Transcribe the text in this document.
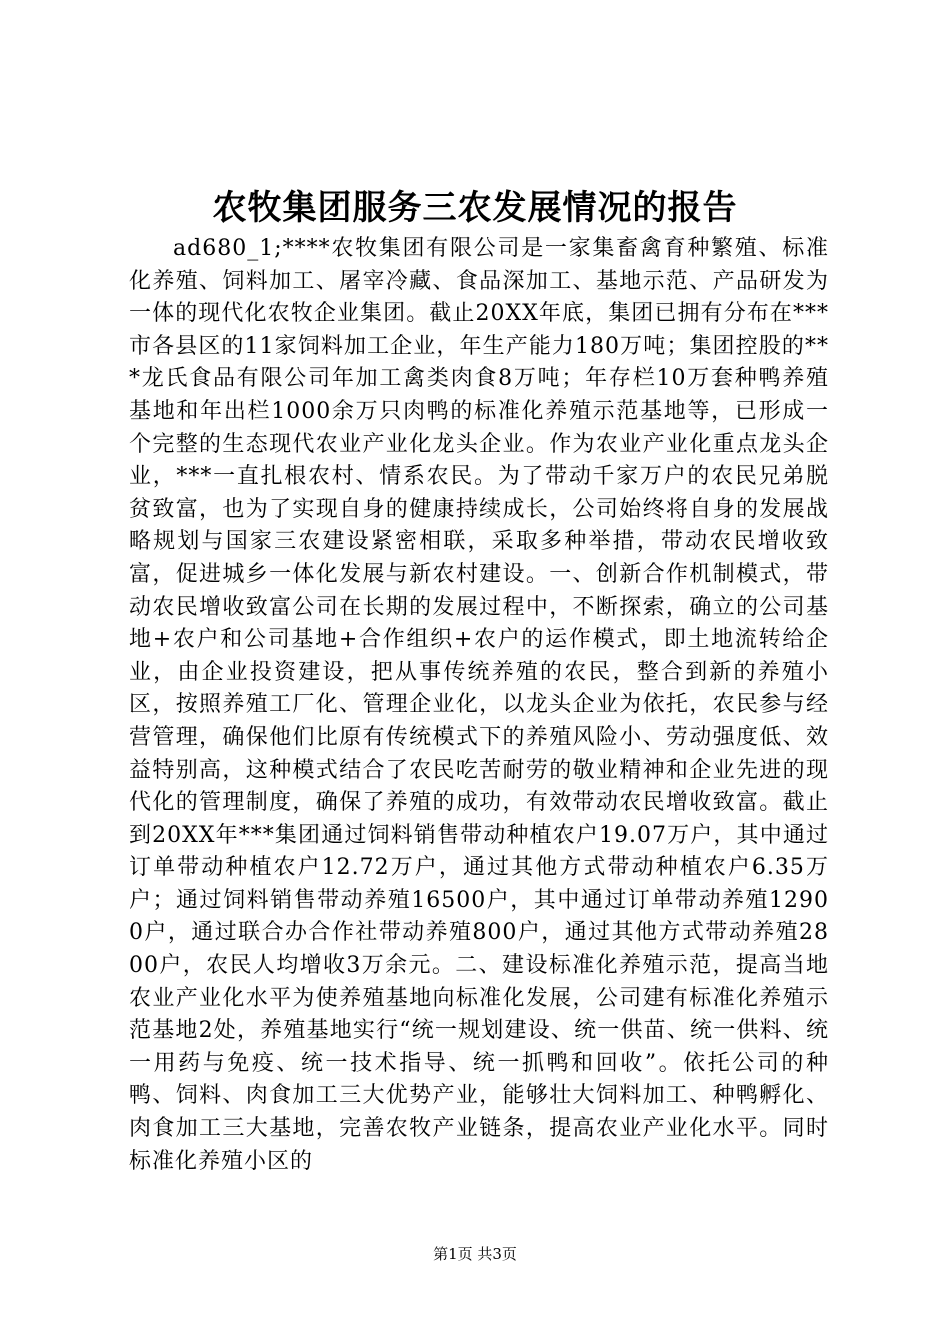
农牧集团服务三农发展情况的报告

ad680_1;****农牧集团有限公司是一家集畜禽育种繁殖、标准化养殖、饲料加工、屠宰冷藏、食品深加工、基地示范、产品研发为一体的现代化农牧企业集团。截止20XX年底，集团已拥有分布在***市各县区的11家饲料加工企业，年生产能力180万吨；集团控股的***龙氏食品有限公司年加工禽类肉食8万吨；年存栏10万套种鸭养殖基地和年出栏1000余万只肉鸭的标准化养殖示范基地等，已形成一个完整的生态现代农业产业化龙头企业。作为农业产业化重点龙头企业，***一直扎根农村、情系农民。为了带动千家万户的农民兄弟脱贫致富，也为了实现自身的健康持续成长，公司始终将自身的发展战略规划与国家三农建设紧密相联，采取多种举措，带动农民增收致富，促进城乡一体化发展与新农村建设。一、创新合作机制模式，带动农民增收致富公司在长期的发展过程中，不断探索，确立的公司基地+农户和公司基地+合作组织+农户的运作模式，即土地流转给企业，由企业投资建设，把从事传统养殖的农民，整合到新的养殖小区，按照养殖工厂化、管理企业化，以龙头企业为依托，农民参与经营管理，确保他们比原有传统模式下的养殖风险小、劳动强度低、效益特别高，这种模式结合了农民吃苦耐劳的敬业精神和企业先进的现代化的管理制度，确保了养殖的成功，有效带动农民增收致富。截止到20XX年***集团通过饲料销售带动种植农户19.07万户，其中通过订单带动种植农户12.72万户，通过其他方式带动种植农户6.35万户；通过饲料销售带动养殖16500户，其中通过订单带动养殖12900户，通过联合办合作社带动养殖800户，通过其他方式带动养殖2800户，农民人均增收3万余元。二、建设标准化养殖示范，提高当地农业产业化水平为使养殖基地向标准化发展，公司建有标准化养殖示范基地2处，养殖基地实行“统一规划建设、统一供苗、统一供料、统一用药与免疫、统一技术指导、统一抓鸭和回收”。依托公司的种鸭、饲料、肉食加工三大优势产业，能够壮大饲料加工、种鸭孵化、肉食加工三大基地，完善农牧产业链条，提高农业产业化水平。同时标准化养殖小区的

第1页 共3页
